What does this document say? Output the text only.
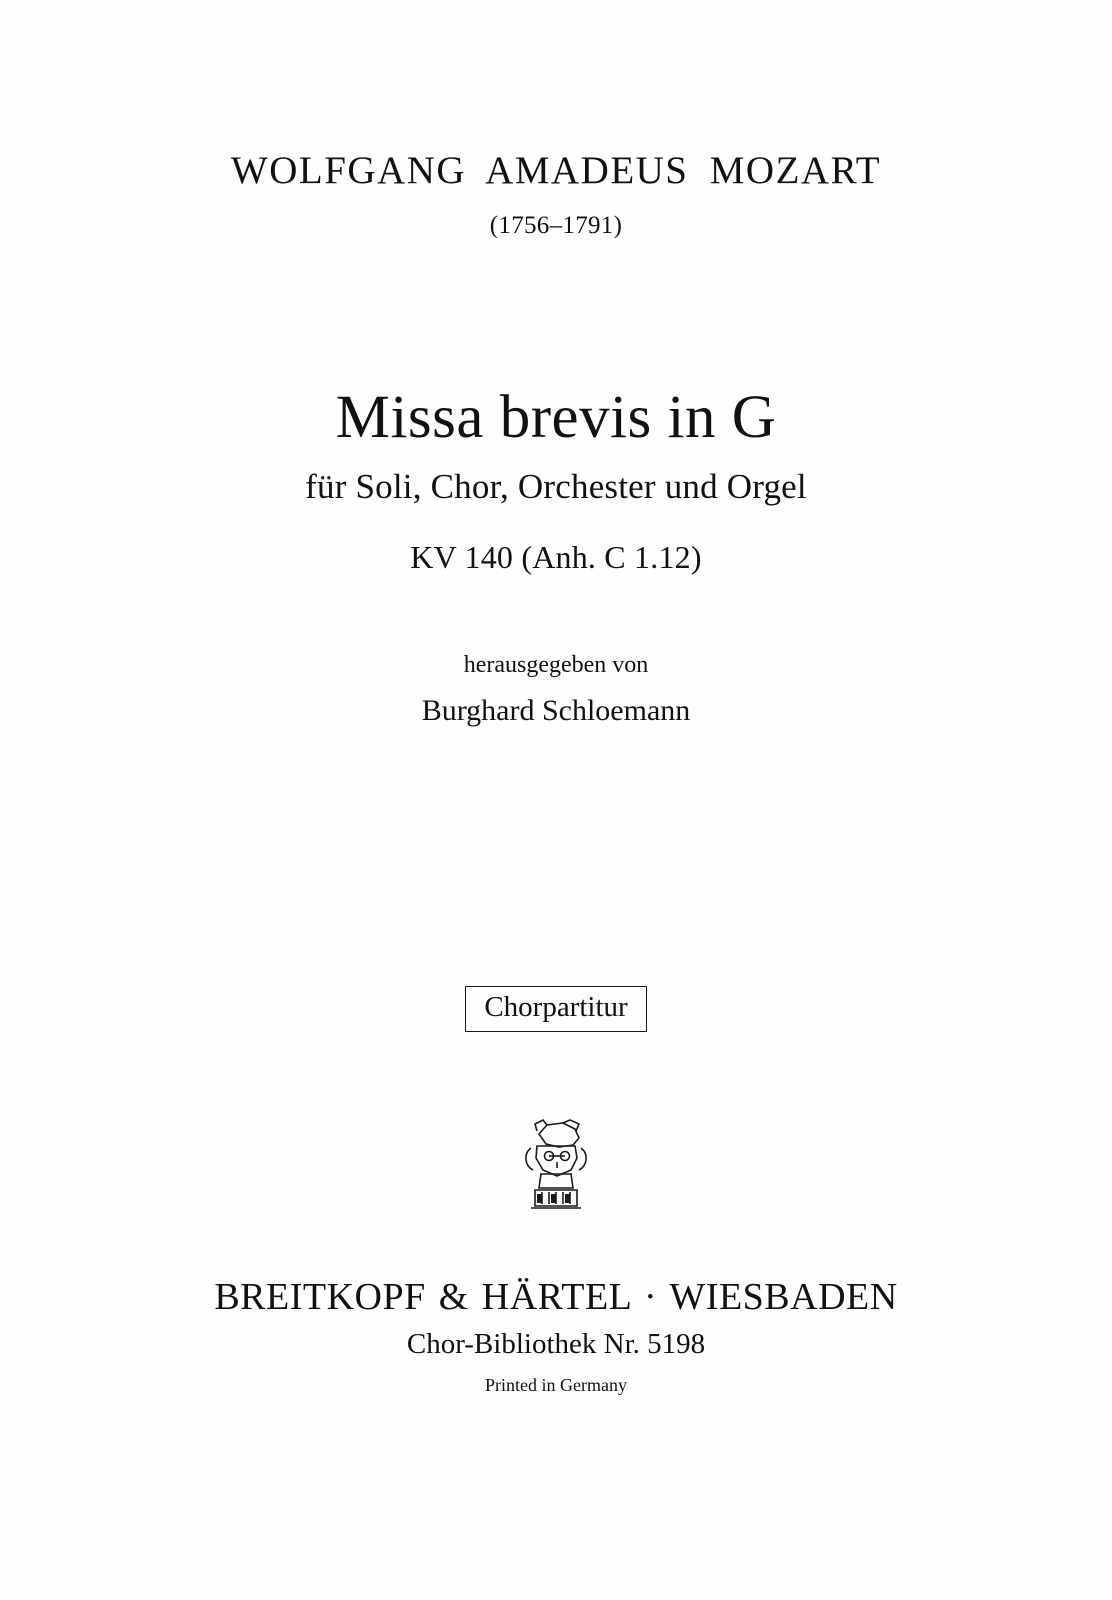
WOLFGANG AMADEUS MOZART
(1756–1791)
Missa brevis in G
für Soli, Chor, Orchester und Orgel
KV 140 (Anh. C 1.12)
herausgegeben von
Burghard Schloemann
Chorpartitur
BREITKOPF & HÄRTEL · WIESBADEN
Chor-Bibliothek Nr. 5198
Printed in Germany
